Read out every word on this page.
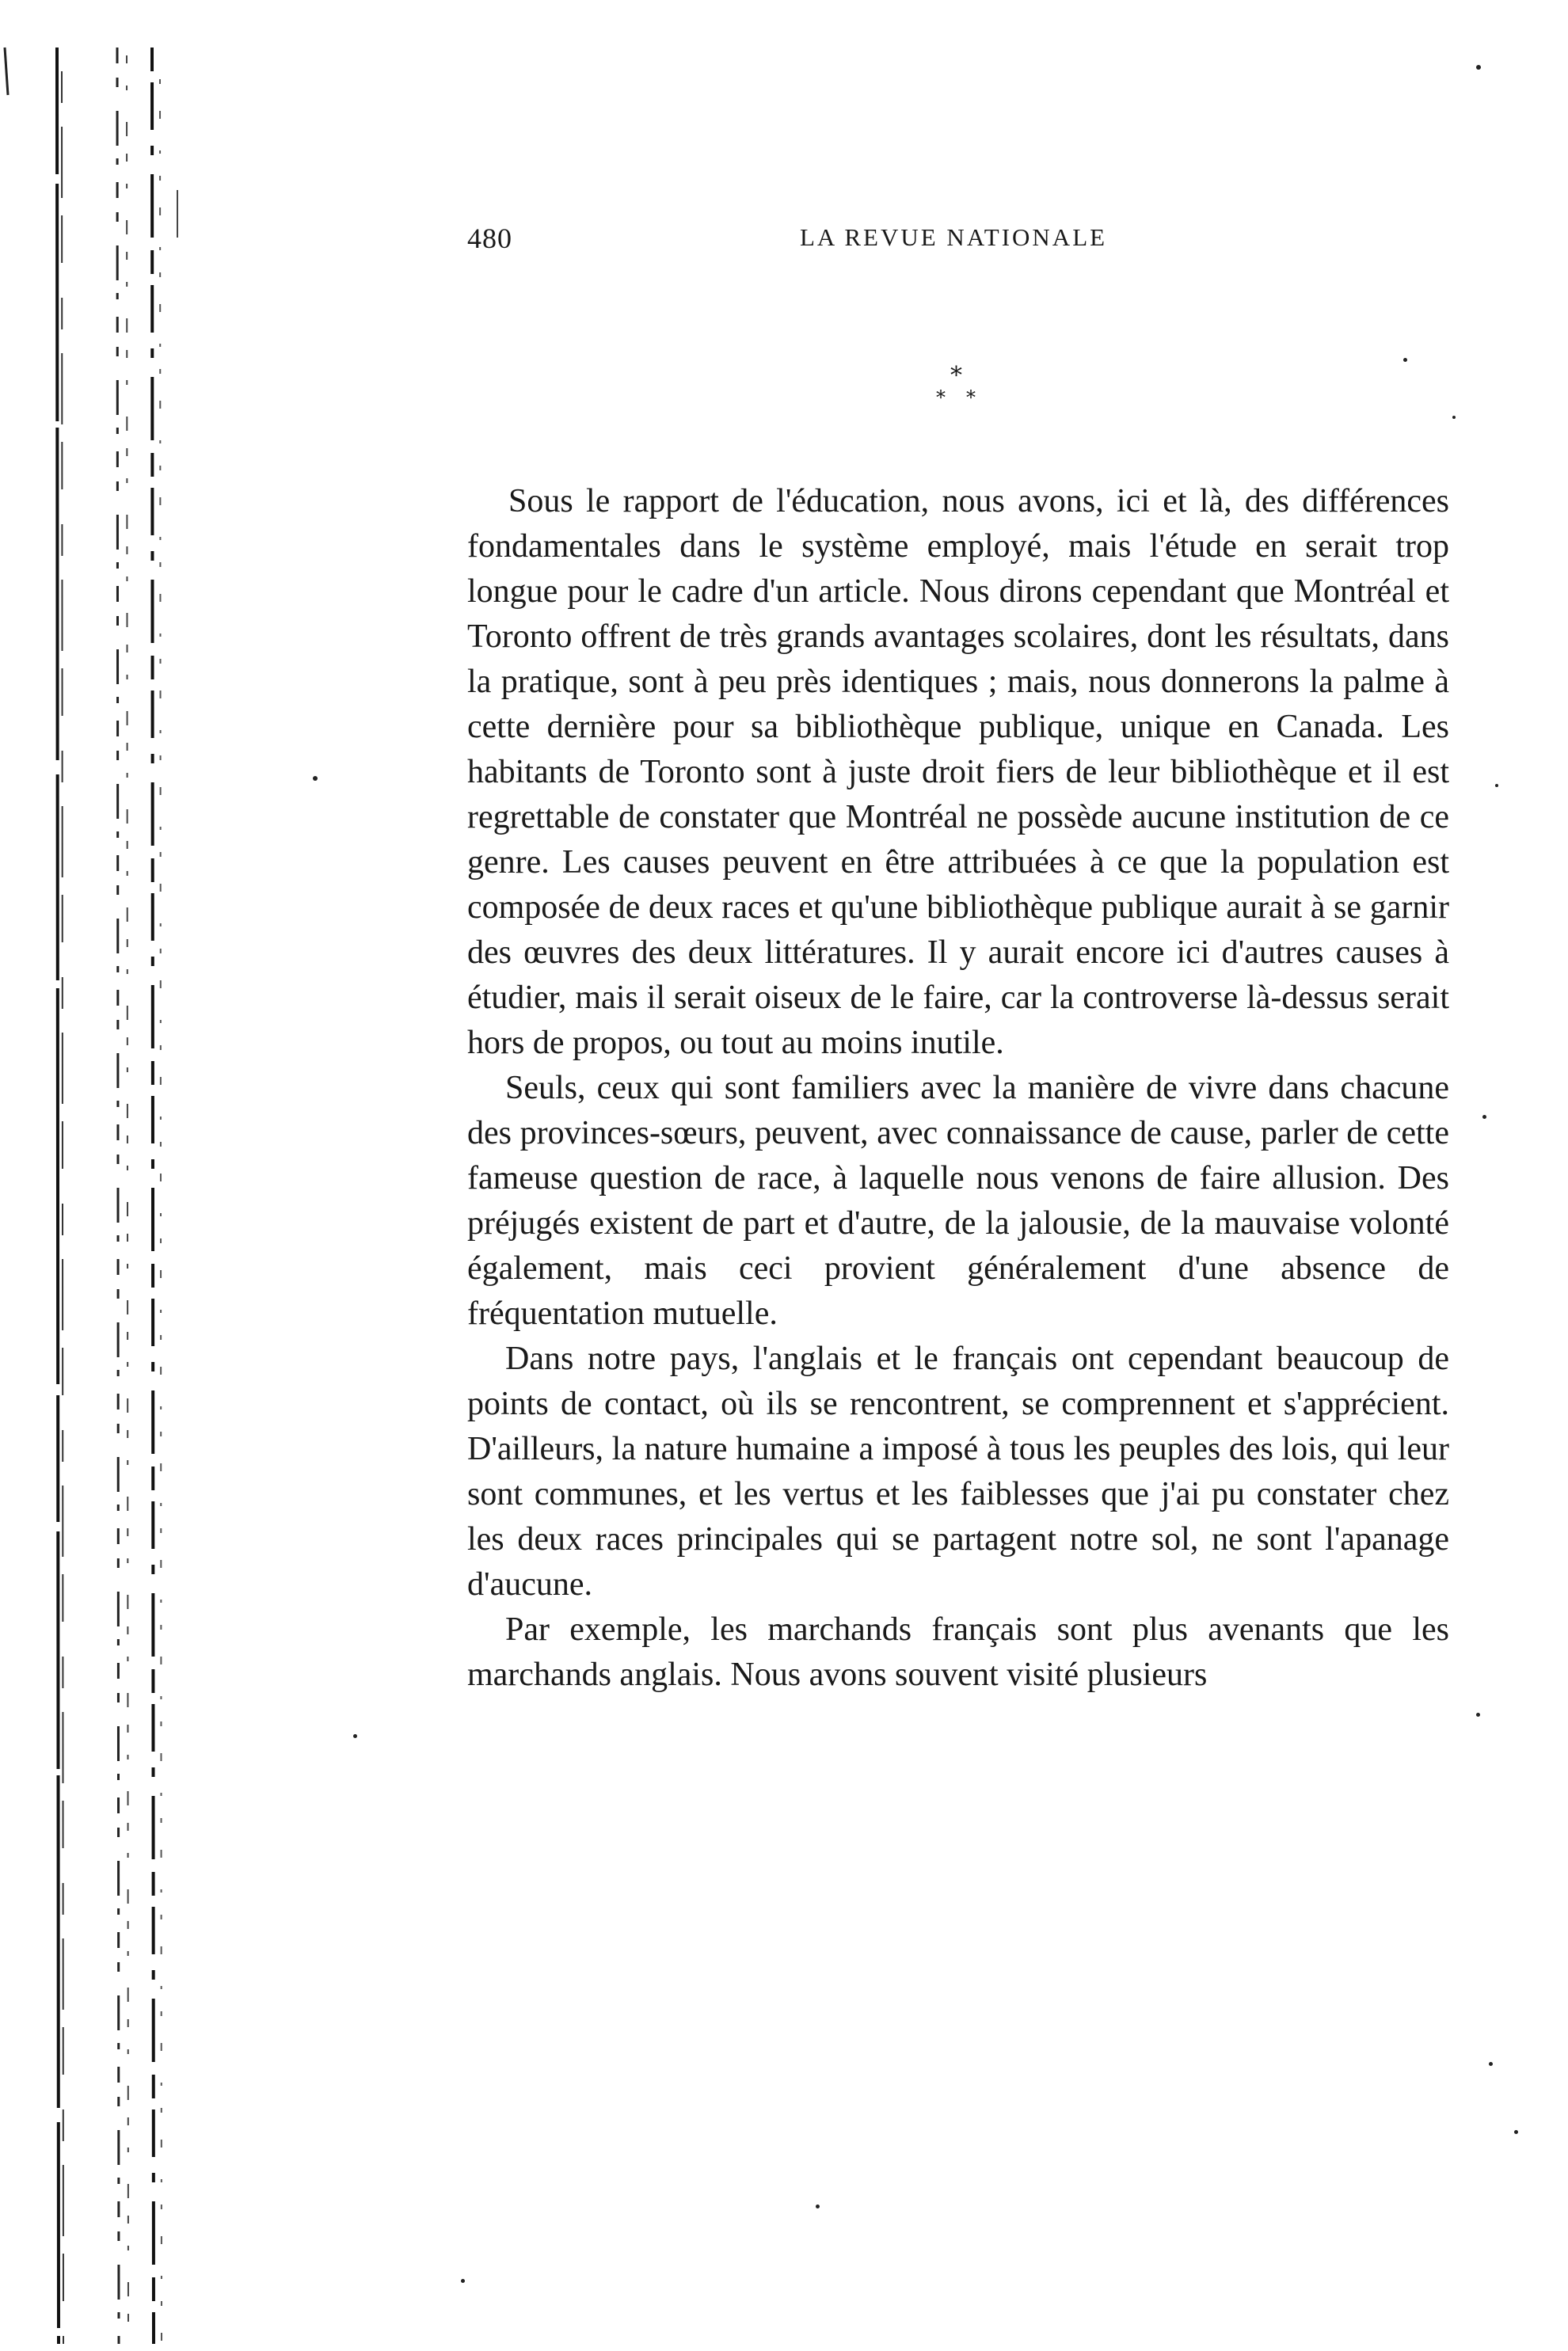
480	LA REVUE NATIONALE
*
* *

Sous le rapport de l'éducation, nous avons, ici et là, des différences fondamentales dans le système employé, mais l'étude en serait trop longue pour le cadre d'un article. Nous dirons cependant que Montréal et Toronto offrent de très grands avantages scolaires, dont les résultats, dans la pratique, sont à peu près identiques ; mais, nous donnerons la palme à cette dernière pour sa bibliothèque publique, unique en Canada. Les habitants de Toronto sont à juste droit fiers de leur bibliothèque et il est regrettable de constater que Montréal ne possède aucune institution de ce genre. Les causes peuvent en être attribuées à ce que la population est composée de deux races et qu'une bibliothèque publique aurait à se garnir des œuvres des deux littératures. Il y aurait encore ici d'autres causes à étudier, mais il serait oiseux de le faire, car la controverse là-dessus serait hors de propos, ou tout au moins inutile.

Seuls, ceux qui sont familiers avec la manière de vivre dans chacune des provinces-sœurs, peuvent, avec connaissance de cause, parler de cette fameuse question de race, à laquelle nous venons de faire allusion. Des préjugés existent de part et d'autre, de la jalousie, de la mauvaise volonté également, mais ceci provient généralement d'une absence de fréquentation mutuelle.

Dans notre pays, l'anglais et le français ont cependant beaucoup de points de contact, où ils se rencontrent, se comprennent et s'apprécient. D'ailleurs, la nature humaine a imposé à tous les peuples des lois, qui leur sont communes, et les vertus et les faiblesses que j'ai pu constater chez les deux races principales qui se partagent notre sol, ne sont l'apanage d'aucune.

Par exemple, les marchands français sont plus avenants que les marchands anglais. Nous avons souvent visité plusieurs
